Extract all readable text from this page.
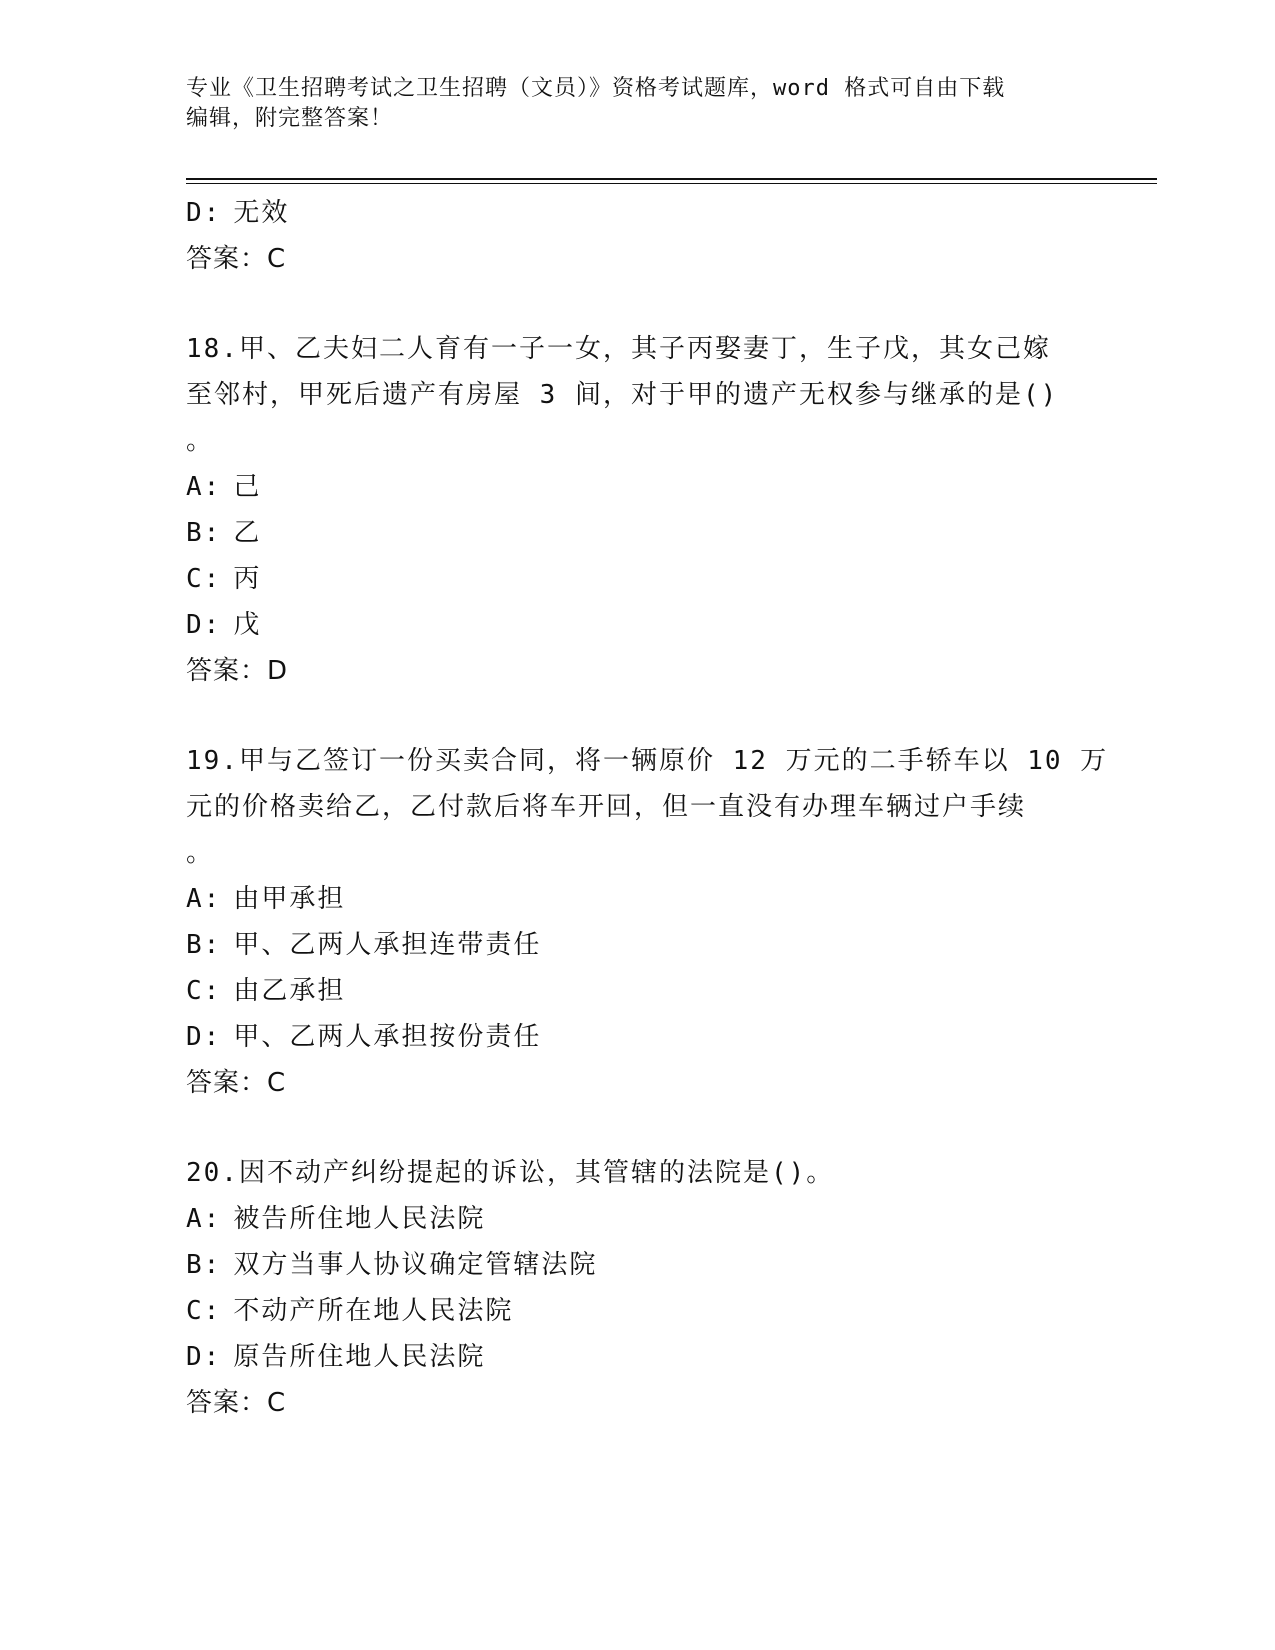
专业《卫生招聘考试之卫生招聘（文员）》资格考试题库，word 格式可自由下载
编辑，附完整答案！
D: 无效
答案：C
18.甲、乙夫妇二人育有一子一女，其子丙娶妻丁，生子戊，其女己嫁
至邻村，甲死后遗产有房屋 3 间，对于甲的遗产无权参与继承的是()
。
A: 己
B: 乙
C: 丙
D: 戊
答案：D
19.甲与乙签订一份买卖合同，将一辆原价 12 万元的二手轿车以 10 万
元的价格卖给乙，乙付款后将车开回，但一直没有办理车辆过户手续
。
A: 由甲承担
B: 甲、乙两人承担连带责任
C: 由乙承担
D: 甲、乙两人承担按份责任
答案：C
20.因不动产纠纷提起的诉讼，其管辖的法院是()。
A: 被告所住地人民法院
B: 双方当事人协议确定管辖法院
C: 不动产所在地人民法院
D: 原告所住地人民法院
答案：C
